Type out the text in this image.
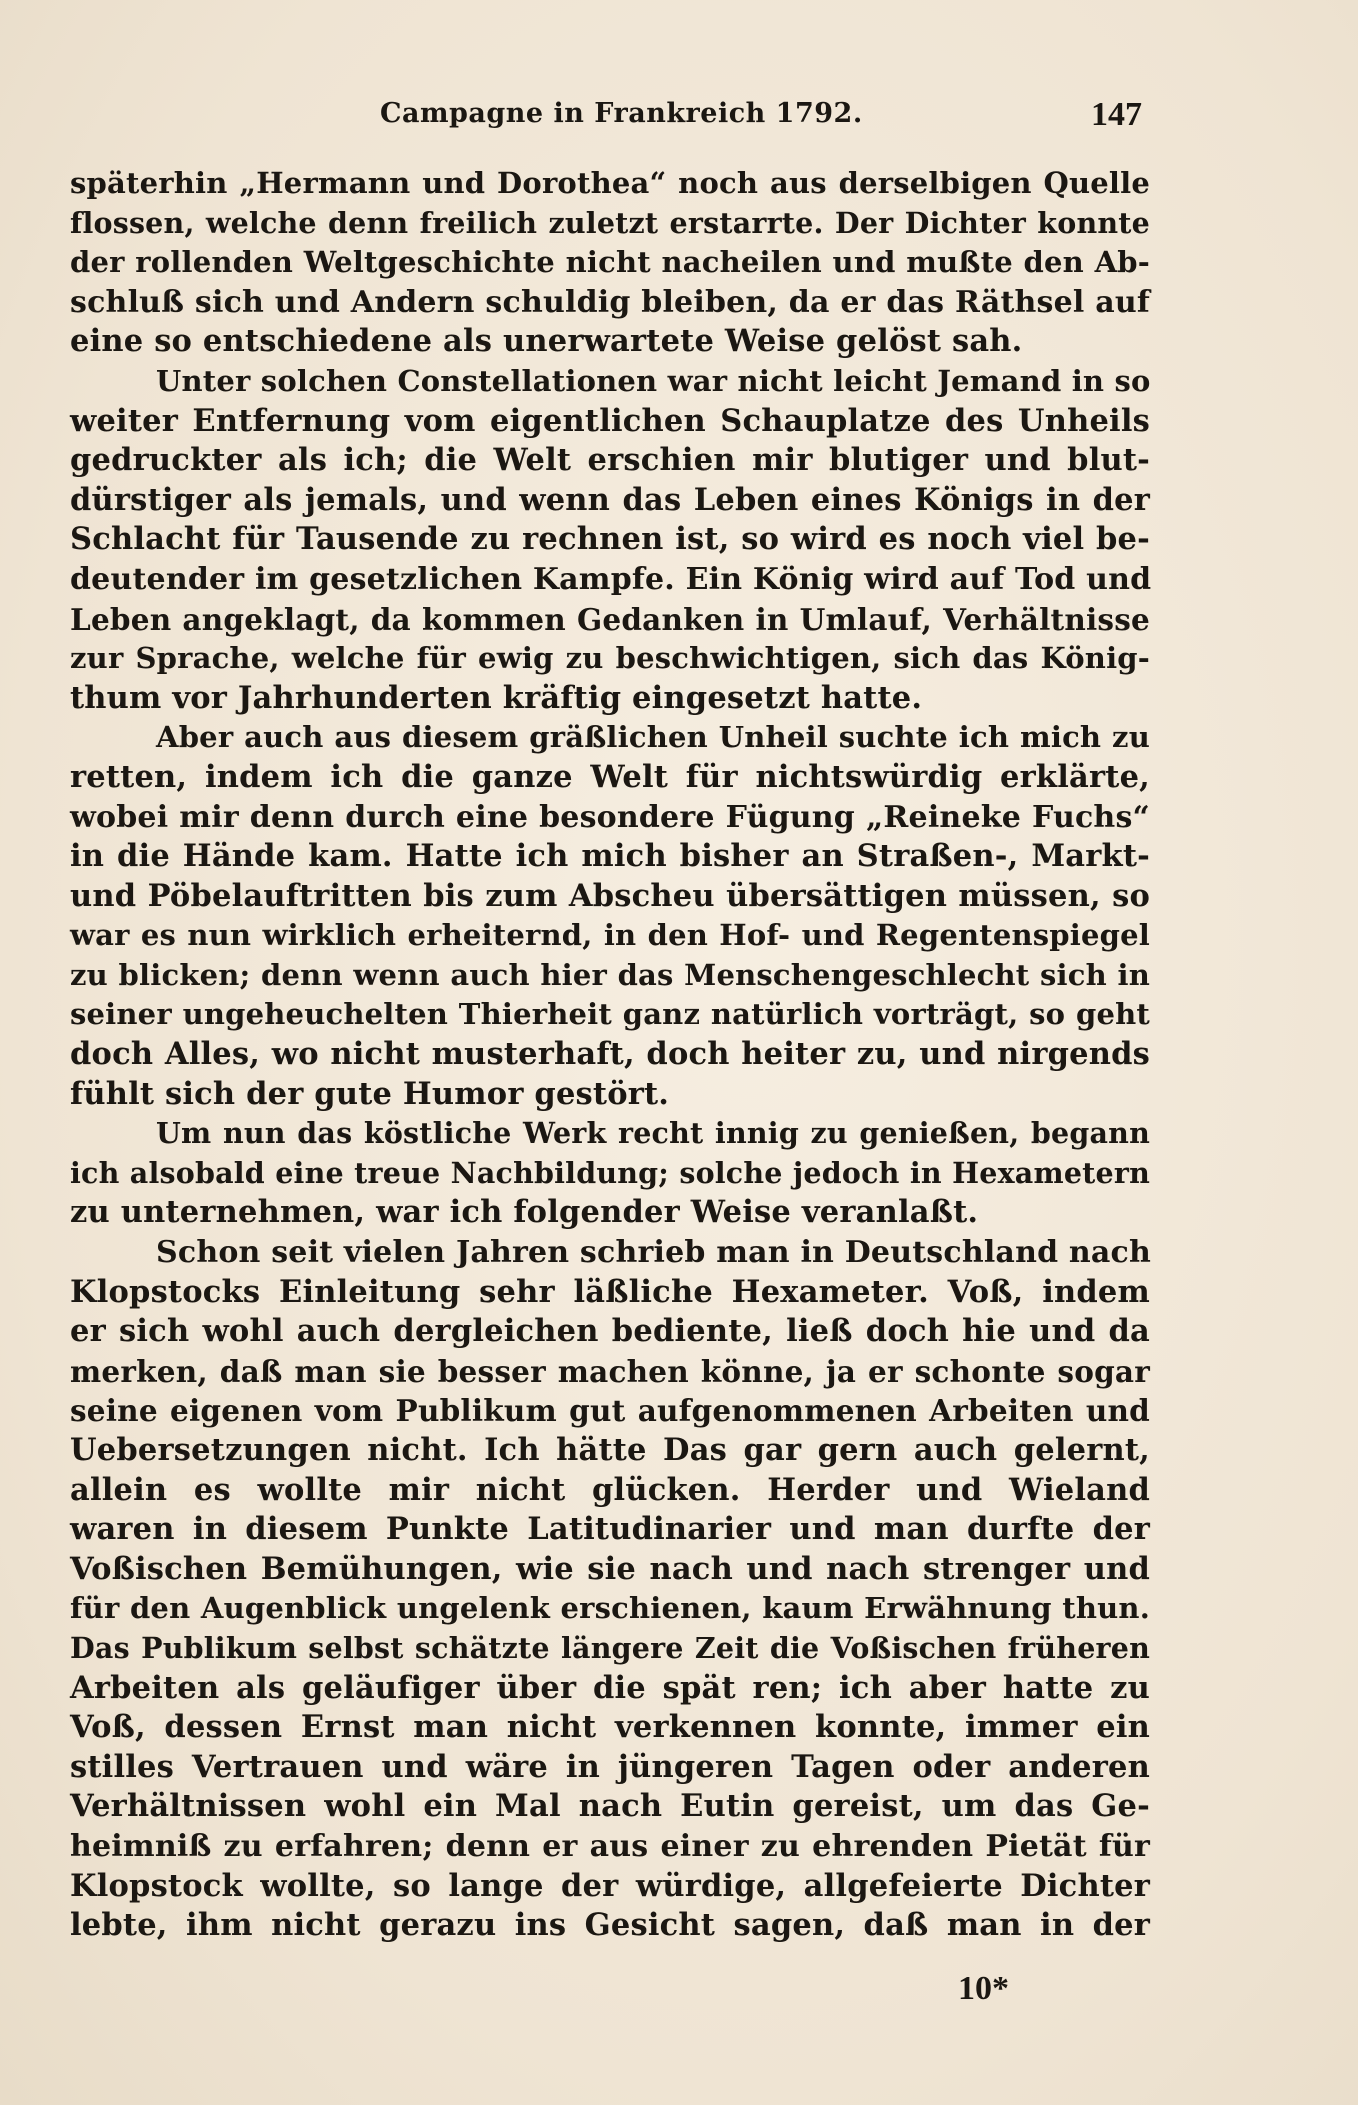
Campagne in Frankreich 1792.	147
späterhin „Hermann und Dorothea“ noch aus derselbigen Quelle
flossen, welche denn freilich zuletzt erstarrte. Der Dichter konnte
der rollenden Weltgeschichte nicht nacheilen und mußte den Ab-
schluß sich und Andern schuldig bleiben, da er das Räthsel auf
eine so entschiedene als unerwartete Weise gelöst sah.
Unter solchen Constellationen war nicht leicht Jemand in so
weiter Entfernung vom eigentlichen Schauplatze des Unheils
gedruckter als ich; die Welt erschien mir blutiger und blut-
dürstiger als jemals, und wenn das Leben eines Königs in der
Schlacht für Tausende zu rechnen ist, so wird es noch viel be-
deutender im gesetzlichen Kampfe. Ein König wird auf Tod und
Leben angeklagt, da kommen Gedanken in Umlauf, Verhältnisse
zur Sprache, welche für ewig zu beschwichtigen, sich das König-
thum vor Jahrhunderten kräftig eingesetzt hatte.
Aber auch aus diesem gräßlichen Unheil suchte ich mich zu
retten, indem ich die ganze Welt für nichtswürdig erklärte,
wobei mir denn durch eine besondere Fügung „Reineke Fuchs“
in die Hände kam. Hatte ich mich bisher an Straßen-, Markt-
und Pöbelauftritten bis zum Abscheu übersättigen müssen, so
war es nun wirklich erheiternd, in den Hof- und Regentenspiegel
zu blicken; denn wenn auch hier das Menschengeschlecht sich in
seiner ungeheuchelten Thierheit ganz natürlich vorträgt, so geht
doch Alles, wo nicht musterhaft, doch heiter zu, und nirgends
fühlt sich der gute Humor gestört.
Um nun das köstliche Werk recht innig zu genießen, begann
ich alsobald eine treue Nachbildung; solche jedoch in Hexametern
zu unternehmen, war ich folgender Weise veranlaßt.
Schon seit vielen Jahren schrieb man in Deutschland nach
Klopstocks Einleitung sehr läßliche Hexameter. Voß, indem
er sich wohl auch dergleichen bediente, ließ doch hie und da
merken, daß man sie besser machen könne, ja er schonte sogar
seine eigenen vom Publikum gut aufgenommenen Arbeiten und
Uebersetzungen nicht. Ich hätte Das gar gern auch gelernt,
allein es wollte mir nicht glücken. Herder und Wieland
waren in diesem Punkte Latitudinarier und man durfte der
Voßischen Bemühungen, wie sie nach und nach strenger und
für den Augenblick ungelenk erschienen, kaum Erwähnung thun.
Das Publikum selbst schätzte längere Zeit die Voßischen früheren
Arbeiten als geläufiger über die spät ren; ich aber hatte zu
Voß, dessen Ernst man nicht verkennen konnte, immer ein
stilles Vertrauen und wäre in jüngeren Tagen oder anderen
Verhältnissen wohl ein Mal nach Eutin gereist, um das Ge-
heimniß zu erfahren; denn er aus einer zu ehrenden Pietät für
Klopstock wollte, so lange der würdige, allgefeierte Dichter
lebte, ihm nicht gerazu ins Gesicht sagen, daß man in der
10*
